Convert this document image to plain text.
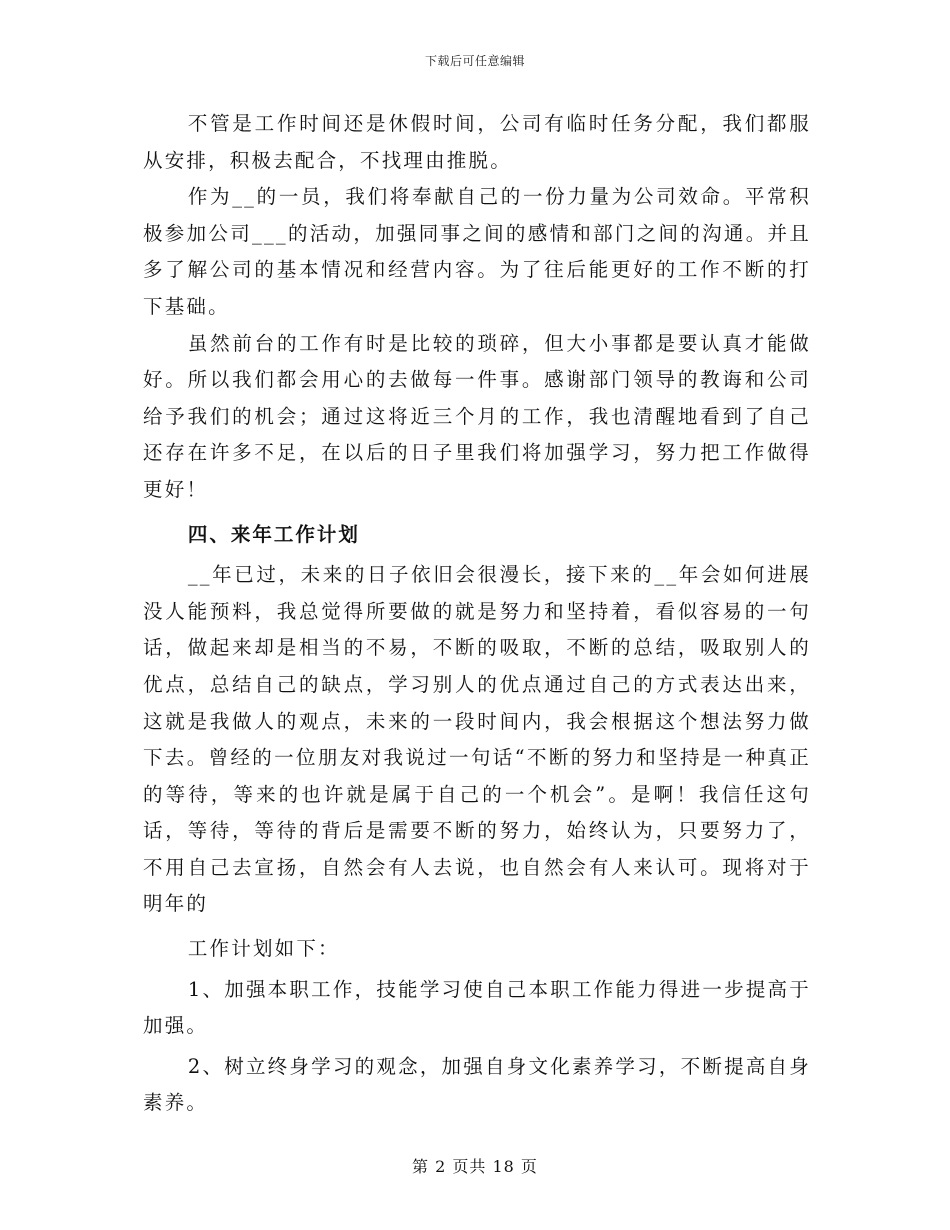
下载后可任意编辑

不管是工作时间还是休假时间，公司有临时任务分配，我们都服从安排，积极去配合，不找理由推脱。

作为__的一员，我们将奉献自己的一份力量为公司效命。平常积极参加公司___的活动，加强同事之间的感情和部门之间的沟通。并且多了解公司的基本情况和经营内容。为了往后能更好的工作不断的打下基础。

虽然前台的工作有时是比较的琐碎，但大小事都是要认真才能做好。所以我们都会用心的去做每一件事。感谢部门领导的教诲和公司给予我们的机会；通过这将近三个月的工作，我也清醒地看到了自己还存在许多不足，在以后的日子里我们将加强学习，努力把工作做得更好！

四、来年工作计划

__年已过，未来的日子依旧会很漫长，接下来的__年会如何进展没人能预料，我总觉得所要做的就是努力和坚持着，看似容易的一句话，做起来却是相当的不易，不断的吸取，不断的总结，吸取别人的优点，总结自己的缺点，学习别人的优点通过自己的方式表达出来，这就是我做人的观点，未来的一段时间内，我会根据这个想法努力做下去。曾经的一位朋友对我说过一句话“不断的努力和坚持是一种真正的等待，等来的也许就是属于自己的一个机会”。是啊！我信任这句话，等待，等待的背后是需要不断的努力，始终认为，只要努力了，不用自己去宣扬，自然会有人去说，也自然会有人来认可。现将对于明年的

工作计划如下：

1、加强本职工作，技能学习使自己本职工作能力得进一步提高于加强。

2、树立终身学习的观念，加强自身文化素养学习，不断提高自身素养。

第 2 页共 18 页
